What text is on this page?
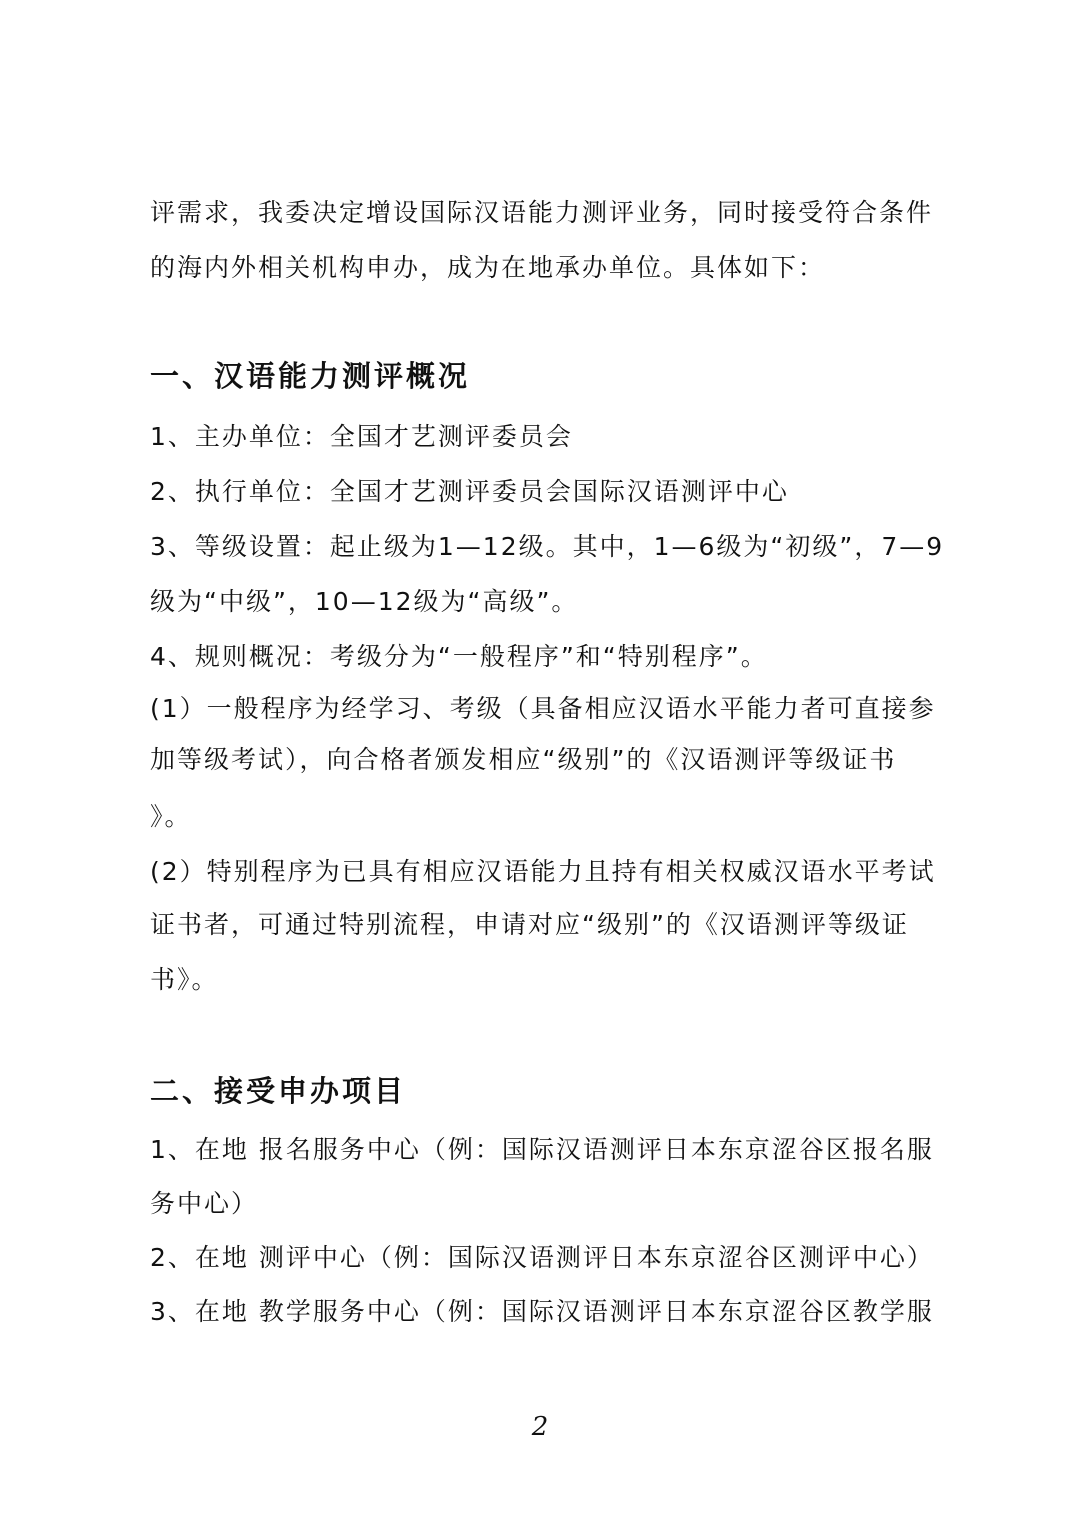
评需求，我委决定增设国际汉语能力测评业务，同时接受符合条件
的海内外相关机构申办，成为在地承办单位。具体如下：
一、汉语能力测评概况
1、主办单位：全国才艺测评委员会
2、执行单位：全国才艺测评委员会国际汉语测评中心
3、等级设置：起止级为1—12级。其中，1—6级为“初级”，7—9
级为“中级”，10—12级为“高级”。
4、规则概况：考级分为“一般程序”和“特别程序”。
(1）一般程序为经学习、考级（具备相应汉语水平能力者可直接参
加等级考试），向合格者颁发相应“级别”的《汉语测评等级证书
》。
(2）特别程序为已具有相应汉语能力且持有相关权威汉语水平考试
证书者，可通过特别流程，申请对应“级别”的《汉语测评等级证
书》。
二、接受申办项目
1、在地 报名服务中心（例：国际汉语测评日本东京涩谷区报名服
务中心）
2、在地 测评中心（例：国际汉语测评日本东京涩谷区测评中心）
3、在地 教学服务中心（例：国际汉语测评日本东京涩谷区教学服
2
